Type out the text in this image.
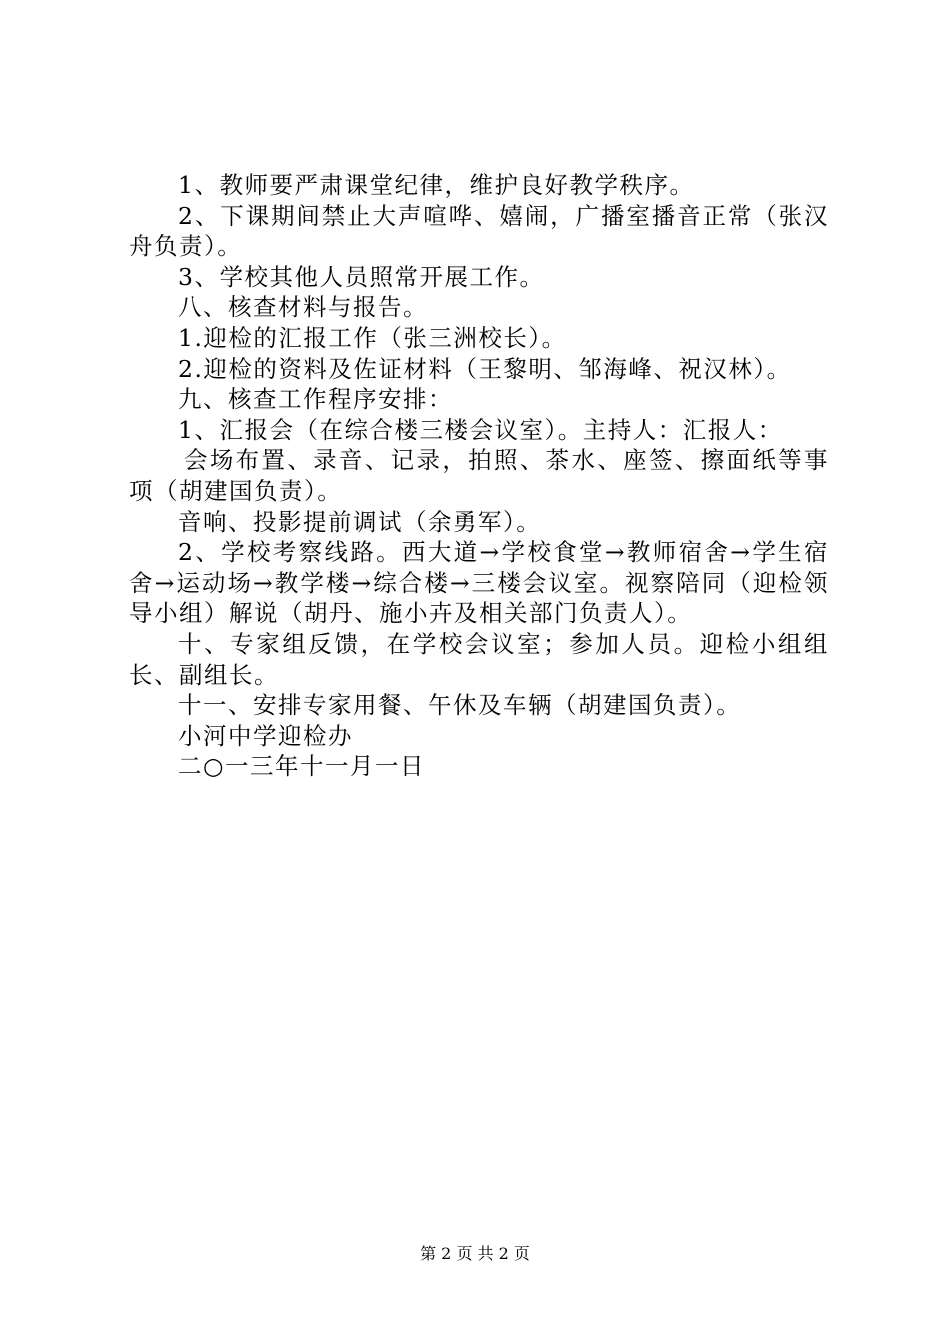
1、教师要严肃课堂纪律，维护良好教学秩序。

2、下课期间禁止大声喧哗、嬉闹，广播室播音正常（张汉舟负责）。

3、学校其他人员照常开展工作。

八、核查材料与报告。

1.迎检的汇报工作（张三洲校长）。

2.迎检的资料及佐证材料（王黎明、邹海峰、祝汉林）。

九、核查工作程序安排：

1、汇报会（在综合楼三楼会议室）。主持人：汇报人：

会场布置、录音、记录，拍照、茶水、座签、擦面纸等事项（胡建国负责）。

音响、投影提前调试（余勇军）。

2、学校考察线路。西大道→学校食堂→教师宿舍→学生宿舍→运动场→教学楼→综合楼→三楼会议室。视察陪同（迎检领导小组）解说（胡丹、施小卉及相关部门负责人）。

十、专家组反馈，在学校会议室；参加人员。迎检小组组长、副组长。

十一、安排专家用餐、午休及车辆（胡建国负责）。

小河中学迎检办

二○一三年十一月一日

第 2 页 共 2 页
